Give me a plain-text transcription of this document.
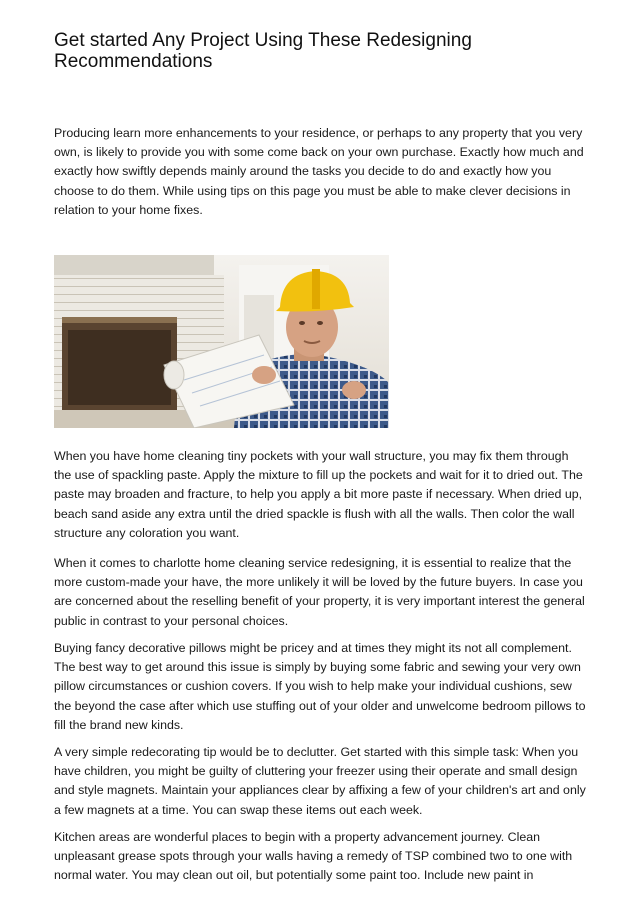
Get started Any Project Using These Redesigning Recommendations

Producing learn more enhancements to your residence, or perhaps to any property that you very own, is likely to provide you with some come back on your own purchase. Exactly how much and exactly how swiftly depends mainly around the tasks you decide to do and exactly how you choose to do them. While using tips on this page you must be able to make clever decisions in relation to your home fixes.

When you have home cleaning tiny pockets with your wall structure, you may fix them through the use of spackling paste. Apply the mixture to fill up the pockets and wait for it to dried out. The paste may broaden and fracture, to help you apply a bit more paste if necessary. When dried up, beach sand aside any extra until the dried spackle is flush with all the walls. Then color the wall structure any coloration you want.

When it comes to charlotte home cleaning service redesigning, it is essential to realize that the more custom-made your have, the more unlikely it will be loved by the future buyers. In case you are concerned about the reselling benefit of your property, it is very important interest the general public in contrast to your personal choices.

Buying fancy decorative pillows might be pricey and at times they might its not all complement. The best way to get around this issue is simply by buying some fabric and sewing your very own pillow circumstances or cushion covers. If you wish to help make your individual cushions, sew the beyond the case after which use stuffing out of your older and unwelcome bedroom pillows to fill the brand new kinds.

A very simple redecorating tip would be to declutter. Get started with this simple task: When you have children, you might be guilty of cluttering your freezer using their operate and small design and style magnets. Maintain your appliances clear by affixing a few of your children's art and only a few magnets at a time. You can swap these items out each week.

Kitchen areas are wonderful places to begin with a property advancement journey. Clean unpleasant grease spots through your walls having a remedy of TSP combined two to one with normal water. You may clean out oil, but potentially some paint too. Include new paint in
